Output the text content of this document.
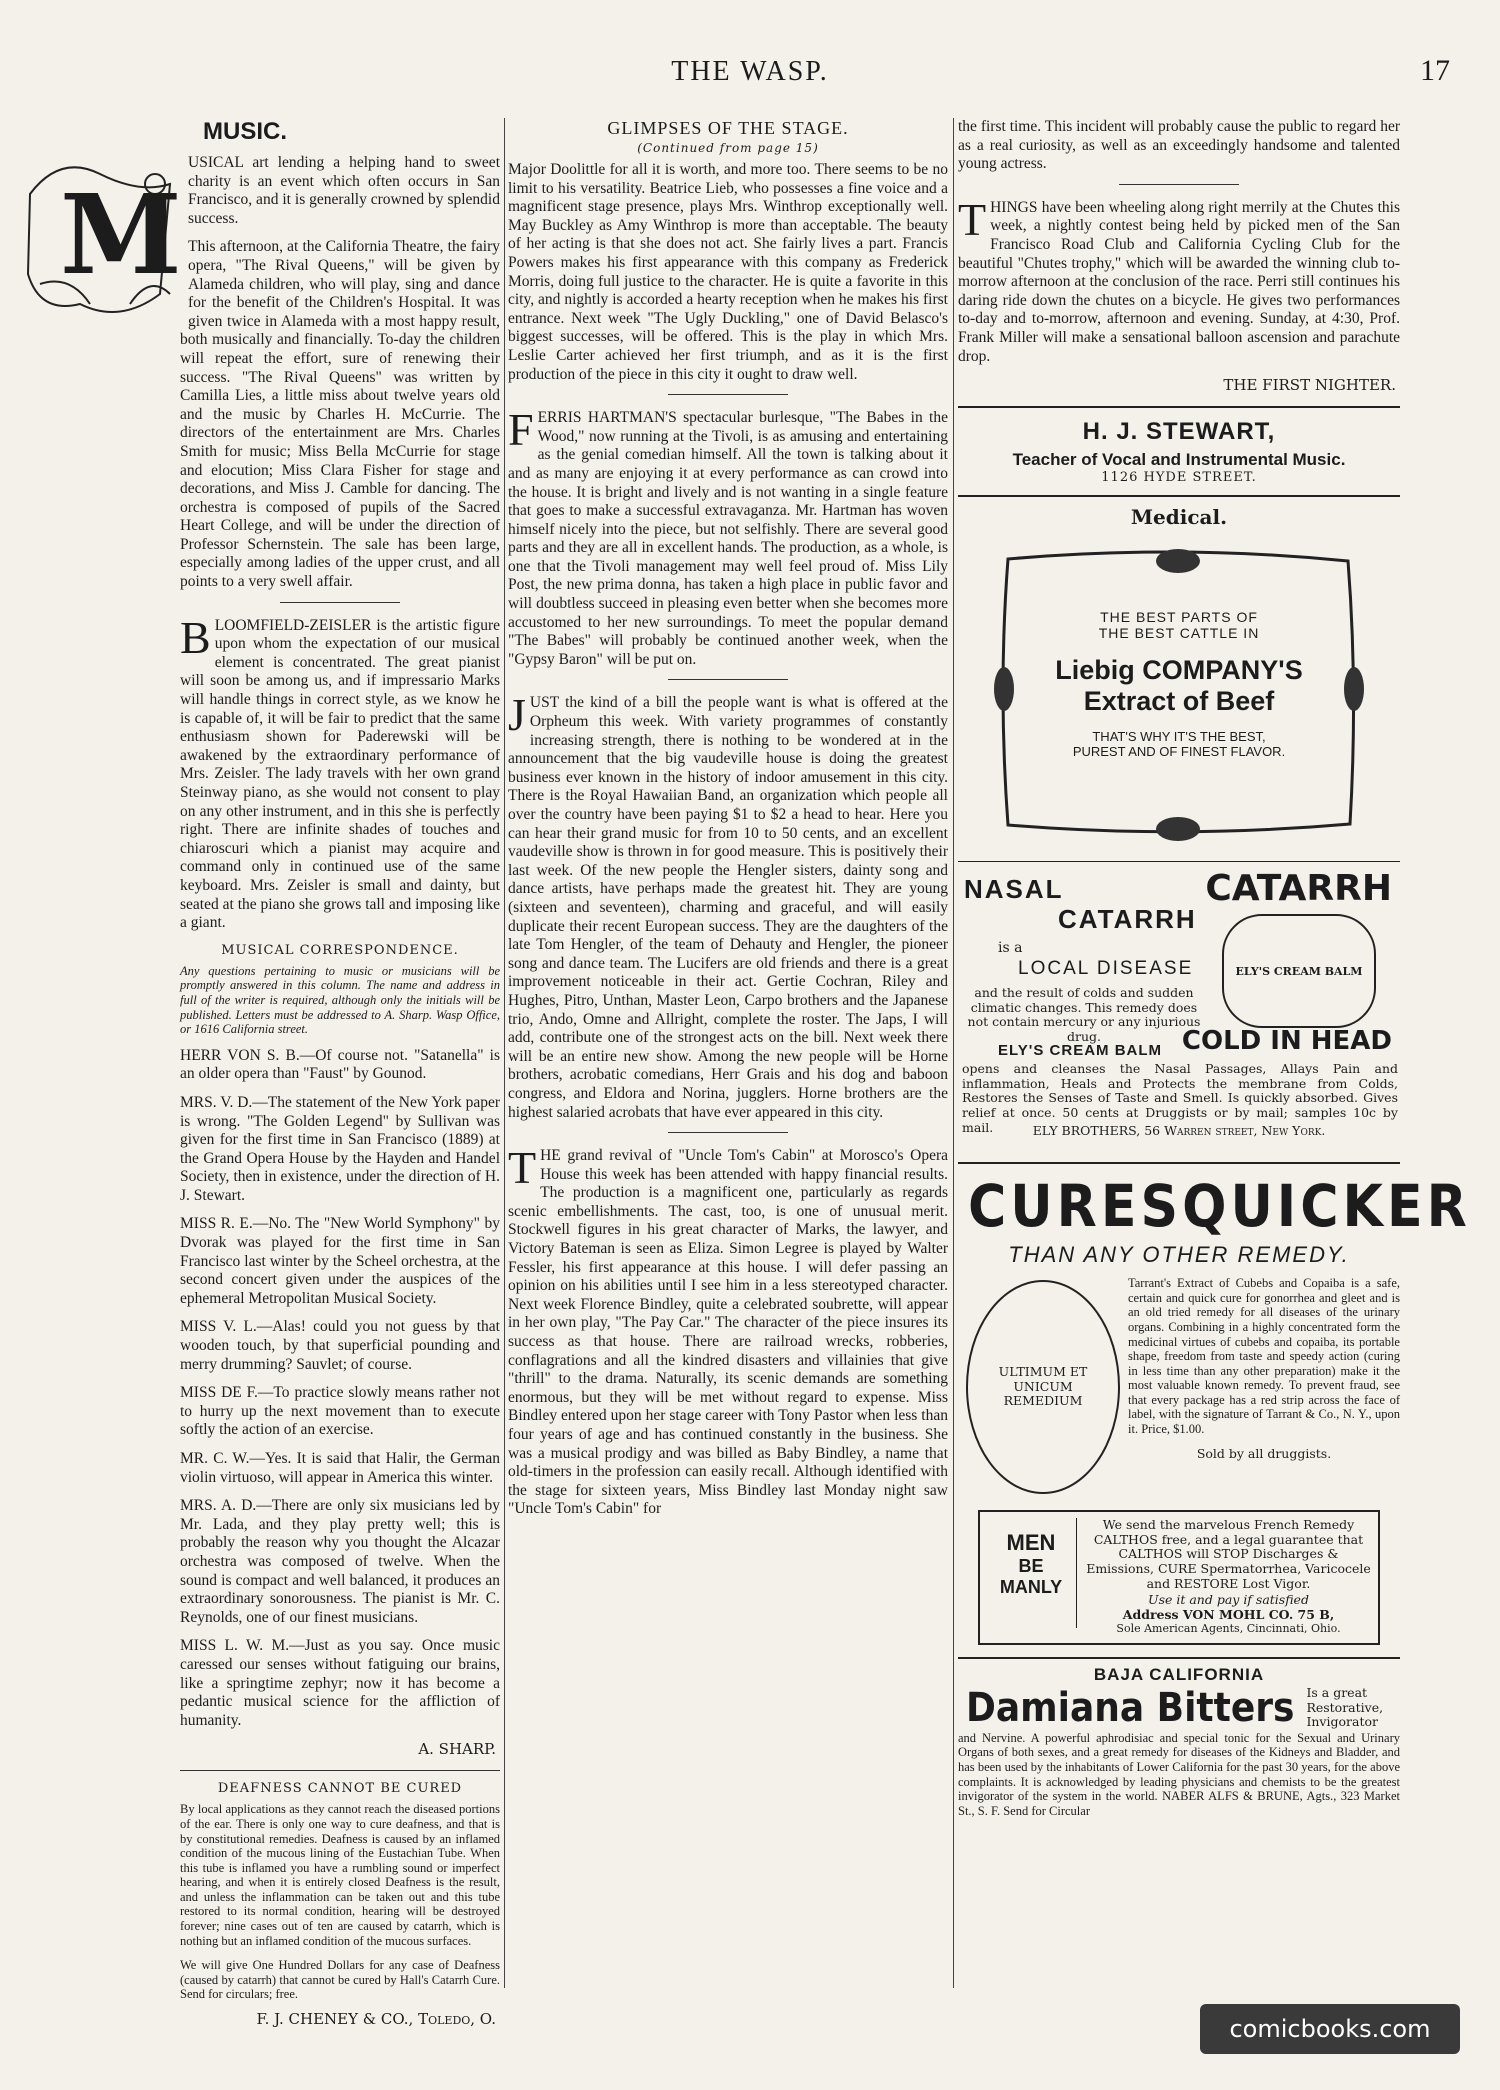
THE WASP.	17
MUSIC.
M

USICAL art lending a helping hand to sweet charity is an event which often occurs in San Francisco, and it is generally crowned by splendid success.

This afternoon, at the California Theatre, the fairy opera, "The Rival Queens," will be given by Alameda children, who will play, sing and dance for the benefit of the Children's Hospital. It was given twice in Alameda with a most happy result, both musically and financially. To-day the children will repeat the effort, sure of renewing their success. "The Rival Queens" was written by Camilla Lies, a little miss about twelve years old and the music by Charles H. McCurrie. The directors of the entertainment are Mrs. Charles Smith for music; Miss Bella McCurrie for stage and elocution; Miss Clara Fisher for stage and decorations, and Miss J. Camble for dancing. The orchestra is composed of pupils of the Sacred Heart College, and will be under the direction of Professor Schernstein. The sale has been large, especially among ladies of the upper crust, and all points to a very swell affair.

BLOOMFIELD-ZEISLER is the artistic figure upon whom the expectation of our musical element is concentrated. The great pianist will soon be among us, and if impressario Marks will handle things in correct style, as we know he is capable of, it will be fair to predict that the same enthusiasm shown for Paderewski will be awakened by the extraordinary performance of Mrs. Zeisler. The lady travels with her own grand Steinway piano, as she would not consent to play on any other instrument, and in this she is perfectly right. There are infinite shades of touches and chiaroscuri which a pianist may acquire and command only in continued use of the same keyboard. Mrs. Zeisler is small and dainty, but seated at the piano she grows tall and imposing like a giant.

MUSICAL CORRESPONDENCE.

Any questions pertaining to music or musicians will be promptly answered in this column. The name and address in full of the writer is required, although only the initials will be published. Letters must be addressed to A. Sharp. Wasp Office, or 1616 California street.

HERR VON S. B.—Of course not. "Satanella" is an older opera than "Faust" by Gounod.

MRS. V. D.—The statement of the New York paper is wrong. "The Golden Legend" by Sullivan was given for the first time in San Francisco (1889) at the Grand Opera House by the Hayden and Handel Society, then in existence, under the direction of H. J. Stewart.

MISS R. E.—No. The "New World Symphony" by Dvorak was played for the first time in San Francisco last winter by the Scheel orchestra, at the second concert given under the auspices of the ephemeral Metropolitan Musical Society.

MISS V. L.—Alas! could you not guess by that wooden touch, by that superficial pounding and merry drumming? Sauvlet; of course.

MISS DE F.—To practice slowly means rather not to hurry up the next movement than to execute softly the action of an exercise.

MR. C. W.—Yes. It is said that Halir, the German violin virtuoso, will appear in America this winter.

MRS. A. D.—There are only six musicians led by Mr. Lada, and they play pretty well; this is probably the reason why you thought the Alcazar orchestra was composed of twelve. When the sound is compact and well balanced, it produces an extraordinary sonorousness. The pianist is Mr. C. Reynolds, one of our finest musicians.

MISS L. W. M.—Just as you say. Once music caressed our senses without fatiguing our brains, like a springtime zephyr; now it has become a pedantic musical science for the affliction of humanity.

A. SHARP.
DEAFNESS CANNOT BE CURED

By local applications as they cannot reach the diseased portions of the ear. There is only one way to cure deafness, and that is by constitutional remedies. Deafness is caused by an inflamed condition of the mucous lining of the Eustachian Tube. When this tube is inflamed you have a rumbling sound or imperfect hearing, and when it is entirely closed Deafness is the result, and unless the inflammation can be taken out and this tube restored to its normal condition, hearing will be destroyed forever; nine cases out of ten are caused by catarrh, which is nothing but an inflamed condition of the mucous surfaces.

We will give One Hundred Dollars for any case of Deafness (caused by catarrh) that cannot be cured by Hall's Catarrh Cure. Send for circulars; free.

F. J. CHENEY & CO., Toledo, O.
GLIMPSES OF THE STAGE.
(Continued from page 15)

Major Doolittle for all it is worth, and more too. There seems to be no limit to his versatility. Beatrice Lieb, who possesses a fine voice and a magnificent stage presence, plays Mrs. Winthrop exceptionally well. May Buckley as Amy Winthrop is more than acceptable. The beauty of her acting is that she does not act. She fairly lives a part. Francis Powers makes his first appearance with this company as Frederick Morris, doing full justice to the character. He is quite a favorite in this city, and nightly is accorded a hearty reception when he makes his first entrance. Next week "The Ugly Duckling," one of David Belasco's biggest successes, will be offered. This is the play in which Mrs. Leslie Carter achieved her first triumph, and as it is the first production of the piece in this city it ought to draw well.

FERRIS HARTMAN'S spectacular burlesque, "The Babes in the Wood," now running at the Tivoli, is as amusing and entertaining as the genial comedian himself. All the town is talking about it and as many are enjoying it at every performance as can crowd into the house. It is bright and lively and is not wanting in a single feature that goes to make a successful extravaganza. Mr. Hartman has woven himself nicely into the piece, but not selfishly. There are several good parts and they are all in excellent hands. The production, as a whole, is one that the Tivoli management may well feel proud of. Miss Lily Post, the new prima donna, has taken a high place in public favor and will doubtless succeed in pleasing even better when she becomes more accustomed to her new surroundings. To meet the popular demand "The Babes" will probably be continued another week, when the "Gypsy Baron" will be put on.

JUST the kind of a bill the people want is what is offered at the Orpheum this week. With variety programmes of constantly increasing strength, there is nothing to be wondered at in the announcement that the big vaudeville house is doing the greatest business ever known in the history of indoor amusement in this city. There is the Royal Hawaiian Band, an organization which people all over the country have been paying $1 to $2 a head to hear. Here you can hear their grand music for from 10 to 50 cents, and an excellent vaudeville show is thrown in for good measure. This is positively their last week. Of the new people the Hengler sisters, dainty song and dance artists, have perhaps made the greatest hit. They are young (sixteen and seventeen), charming and graceful, and will easily duplicate their recent European success. They are the daughters of the late Tom Hengler, of the team of Dehauty and Hengler, the pioneer song and dance team. The Lucifers are old friends and there is a great improvement noticeable in their act. Gertie Cochran, Riley and Hughes, Pitro, Unthan, Master Leon, Carpo brothers and the Japanese trio, Ando, Omne and Allright, complete the roster. The Japs, I will add, contribute one of the strongest acts on the bill. Next week there will be an entire new show. Among the new people will be Horne brothers, acrobatic comedians, Herr Grais and his dog and baboon congress, and Eldora and Norina, jugglers. Horne brothers are the highest salaried acrobats that have ever appeared in this city.

THE grand revival of "Uncle Tom's Cabin" at Morosco's Opera House this week has been attended with happy financial results. The production is a magnificent one, particularly as regards scenic embellishments. The cast, too, is one of unusual merit. Stockwell figures in his great character of Marks, the lawyer, and Victory Bateman is seen as Eliza. Simon Legree is played by Walter Fessler, his first appearance at this house. I will defer passing an opinion on his abilities until I see him in a less stereotyped character. Next week Florence Bindley, quite a celebrated soubrette, will appear in her own play, "The Pay Car." The character of the piece insures its success as that house. There are railroad wrecks, robberies, conflagrations and all the kindred disasters and villainies that give "thrill" to the drama. Naturally, its scenic demands are something enormous, but they will be met without regard to expense. Miss Bindley entered upon her stage career with Tony Pastor when less than four years of age and has continued constantly in the business. She was a musical prodigy and was billed as Baby Bindley, a name that old-timers in the profession can easily recall. Although identified with the stage for sixteen years, Miss Bindley last Monday night saw "Uncle Tom's Cabin" for

the first time. This incident will probably cause the public to regard her as a real curiosity, as well as an exceedingly handsome and talented young actress.

THINGS have been wheeling along right merrily at the Chutes this week, a nightly contest being held by picked men of the San Francisco Road Club and California Cycling Club for the beautiful "Chutes trophy," which will be awarded the winning club to-morrow afternoon at the conclusion of the race. Perri still continues his daring ride down the chutes on a bicycle. He gives two performances to-day and to-morrow, afternoon and evening. Sunday, at 4:30, Prof. Frank Miller will make a sensational balloon ascension and parachute drop.

THE FIRST NIGHTER.
H. J. STEWART,
Teacher of Vocal and Instrumental Music.
1126 HYDE STREET.
Medical.
THE BEST PARTS OF
THE BEST CATTLE IN
Liebig COMPANY'S
Extract of Beef
THAT'S WHY IT'S THE BEST,
PUREST AND OF FINEST FLAVOR.
NASAL
CATARRH
is a
LOCAL DISEASE
and the result of colds and sudden climatic changes. This remedy does not contain mercury or any injurious drug.
ELY'S CREAM BALM
opens and cleanses the Nasal Passages, Allays Pain and inflammation, Heals and Protects the membrane from Colds, Restores the Senses of Taste and Smell. Is quickly absorbed. Gives relief at once. 50 cents at Druggists or by mail; samples 10c by mail.
CATARRH
ELY'S CREAM BALM
COLD IN HEAD
ELY BROTHERS, 56 Warren street, New York.
CURES QUICKER
THAN ANY OTHER REMEDY.
ULTIMUM ET UNICUM REMEDIUM

Tarrant's Extract of Cubebs and Copaiba is a safe, certain and quick cure for gonorrhea and gleet and is an old tried remedy for all diseases of the urinary organs. Combining in a highly concentrated form the medicinal virtues of cubebs and copaiba, its portable shape, freedom from taste and speedy action (curing in less time than any other preparation) make it the most valuable known remedy. To prevent fraud, see that every package has a red strip across the face of label, with the signature of Tarrant & Co., N. Y., upon it. Price, $1.00.

Sold by all druggists.
MEN
BE
MANLY
We send the marvelous French Remedy CALTHOS free, and a legal guarantee that CALTHOS will STOP Discharges & Emissions, CURE Spermatorrhea, Varicocele and RESTORE Lost Vigor.
Use it and pay if satisfied
Address VON MOHL CO. 75 B,
Sole American Agents, Cincinnati, Ohio.
BAJA CALIFORNIA
Damiana Bitters Is a great Restorative, Invigorator

and Nervine. A powerful aphrodisiac and special tonic for the Sexual and Urinary Organs of both sexes, and a great remedy for diseases of the Kidneys and Bladder, and has been used by the inhabitants of Lower California for the past 30 years, for the above complaints. It is acknowledged by leading physicians and chemists to be the greatest invigorator of the system in the world. NABER ALFS & BRUNE, Agts., 323 Market St., S. F. Send for Circular

comicbooks.com
